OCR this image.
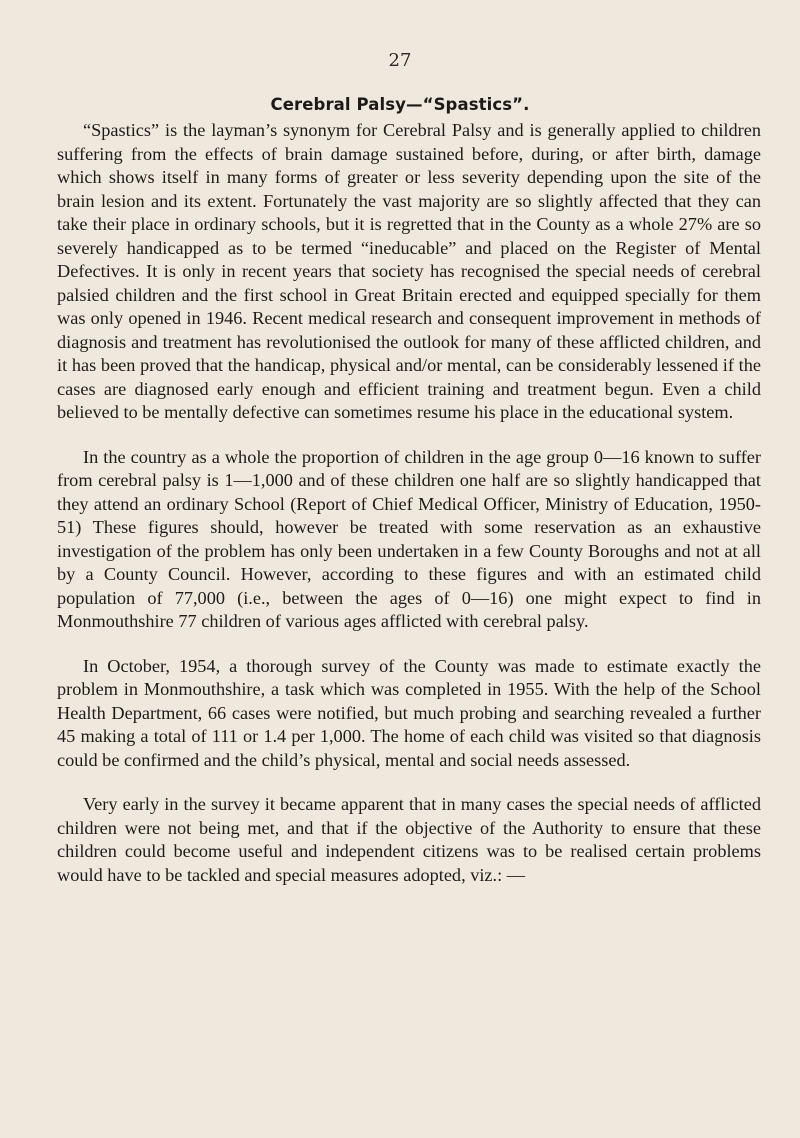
27
Cerebral Palsy—“Spastics”.

“Spastics” is the layman’s synonym for Cerebral Palsy and is generally applied to children suffering from the effects of brain damage sustained before, during, or after birth, damage which shows itself in many forms of greater or less severity depending upon the site of the brain lesion and its extent. Fortunately the vast majority are so slightly affected that they can take their place in ordinary schools, but it is regretted that in the County as a whole 27% are so severely handicapped as to be termed “ineducable” and placed on the Register of Mental Defectives. It is only in recent years that society has recognised the special needs of cerebral palsied children and the first school in Great Britain erected and equipped specially for them was only opened in 1946. Recent medical research and consequent improvement in methods of diagnosis and treatment has revolutionised the outlook for many of these afflicted children, and it has been proved that the handicap, physical and/or mental, can be considerably lessened if the cases are diagnosed early enough and efficient training and treatment begun. Even a child believed to be mentally defective can sometimes resume his place in the educational system.

In the country as a whole the proportion of children in the age group 0—16 known to suffer from cerebral palsy is 1—1,000 and of these children one half are so slightly handicapped that they attend an ordinary School (Report of Chief Medical Officer, Ministry of Education, 1950-51) These figures should, however be treated with some reservation as an exhaustive investigation of the problem has only been undertaken in a few County Boroughs and not at all by a County Council. However, according to these figures and with an estimated child population of 77,000 (i.e., between the ages of 0—16) one might expect to find in Monmouthshire 77 children of various ages afflicted with cerebral palsy.

In October, 1954, a thorough survey of the County was made to estimate exactly the problem in Monmouthshire, a task which was completed in 1955. With the help of the School Health Department, 66 cases were notified, but much probing and searching revealed a further 45 making a total of 111 or 1.4 per 1,000. The home of each child was visited so that diagnosis could be confirmed and the child’s physical, mental and social needs assessed.

Very early in the survey it became apparent that in many cases the special needs of afflicted children were not being met, and that if the objective of the Authority to ensure that these children could become useful and independent citizens was to be realised certain problems would have to be tackled and special measures adopted, viz.: —
